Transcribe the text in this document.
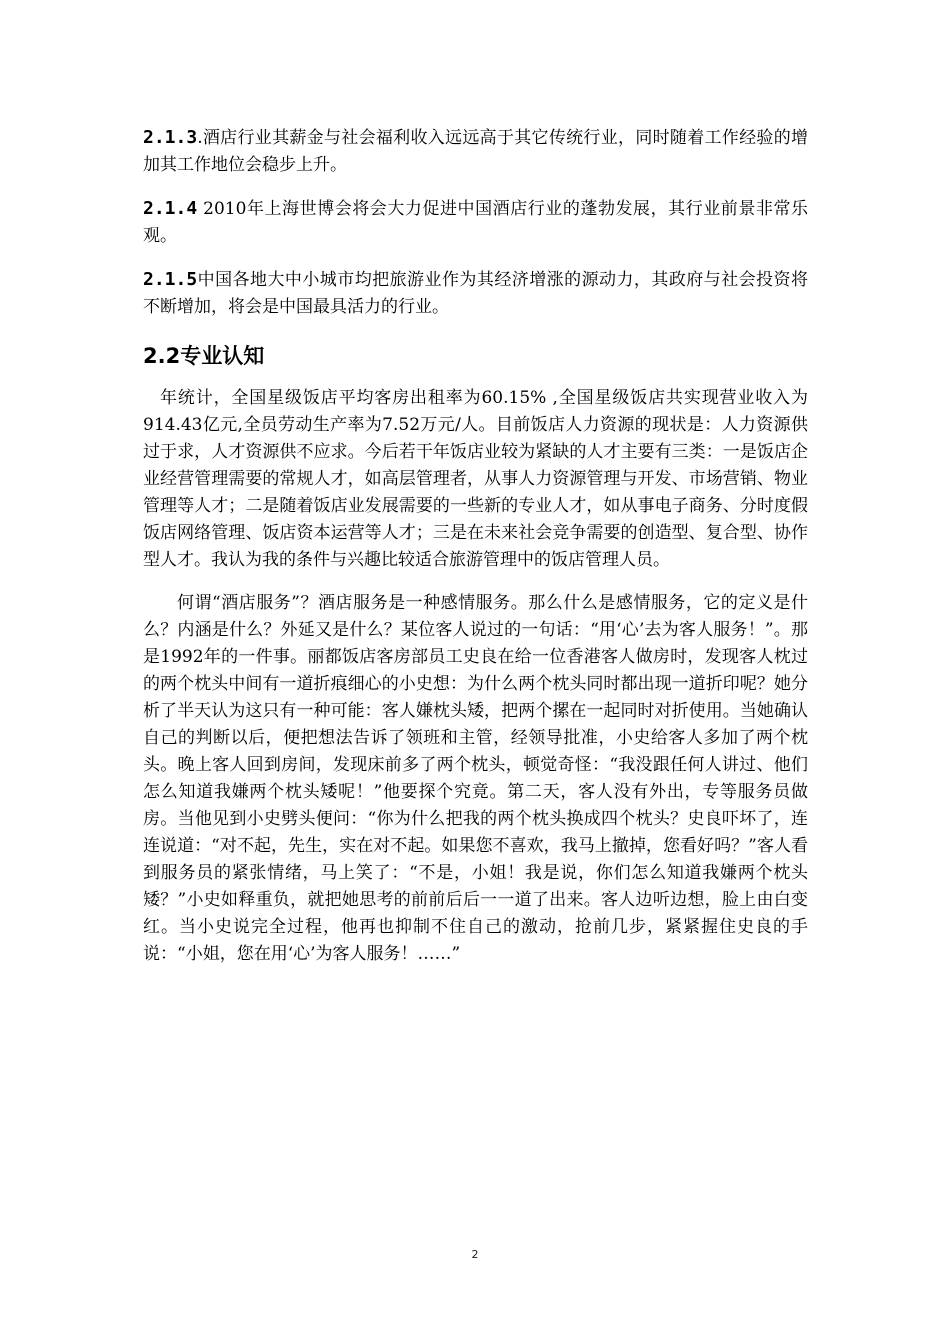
2.1.3.酒店行业其薪金与社会福利收入远远高于其它传统行业，同时随着工作经验的增加其工作地位会稳步上升。

2.1.4 2010年上海世博会将会大力促进中国酒店行业的蓬勃发展，其行业前景非常乐观。

2.1.5中国各地大中小城市均把旅游业作为其经济增涨的源动力，其政府与社会投资将不断增加，将会是中国最具活力的行业。

2.2专业认知

年统计，全国星级饭店平均客房出租率为60.15% ,全国星级饭店共实现营业收入为914.43亿元,全员劳动生产率为7.52万元/人。目前饭店人力资源的现状是：人力资源供过于求，人才资源供不应求。今后若干年饭店业较为紧缺的人才主要有三类：一是饭店企业经营管理需要的常规人才，如高层管理者，从事人力资源管理与开发、市场营销、物业管理等人才；二是随着饭店业发展需要的一些新的专业人才，如从事电子商务、分时度假饭店网络管理、饭店资本运营等人才；三是在未来社会竞争需要的创造型、复合型、协作型人才。我认为我的条件与兴趣比较适合旅游管理中的饭店管理人员。

何谓“酒店服务”？酒店服务是一种感情服务。那么什么是感情服务，它的定义是什么？内涵是什么？外延又是什么？某位客人说过的一句话：“用‘心’去为客人服务！”。那是1992年的一件事。丽都饭店客房部员工史良在给一位香港客人做房时，发现客人枕过的两个枕头中间有一道折痕细心的小史想：为什么两个枕头同时都出现一道折印呢？她分析了半天认为这只有一种可能：客人嫌枕头矮，把两个摞在一起同时对折使用。当她确认自己的判断以后，便把想法告诉了领班和主管，经领导批准，小史给客人多加了两个枕头。晚上客人回到房间，发现床前多了两个枕头，顿觉奇怪：“我没跟任何人讲过、他们怎么知道我嫌两个枕头矮呢！”他要探个究竟。第二天，客人没有外出，专等服务员做房。当他见到小史劈头便问：“你为什么把我的两个枕头换成四个枕头？史良吓坏了，连连说道：“对不起，先生，实在对不起。如果您不喜欢，我马上撤掉，您看好吗？”客人看到服务员的紧张情绪，马上笑了：“不是，小姐！我是说，你们怎么知道我嫌两个枕头矮？”小史如释重负，就把她思考的前前后后一一道了出来。客人边听边想，脸上由白变红。当小史说完全过程，他再也抑制不住自己的激动，抢前几步，紧紧握住史良的手说：“小姐，您在用‘心’为客人服务！……”

2
